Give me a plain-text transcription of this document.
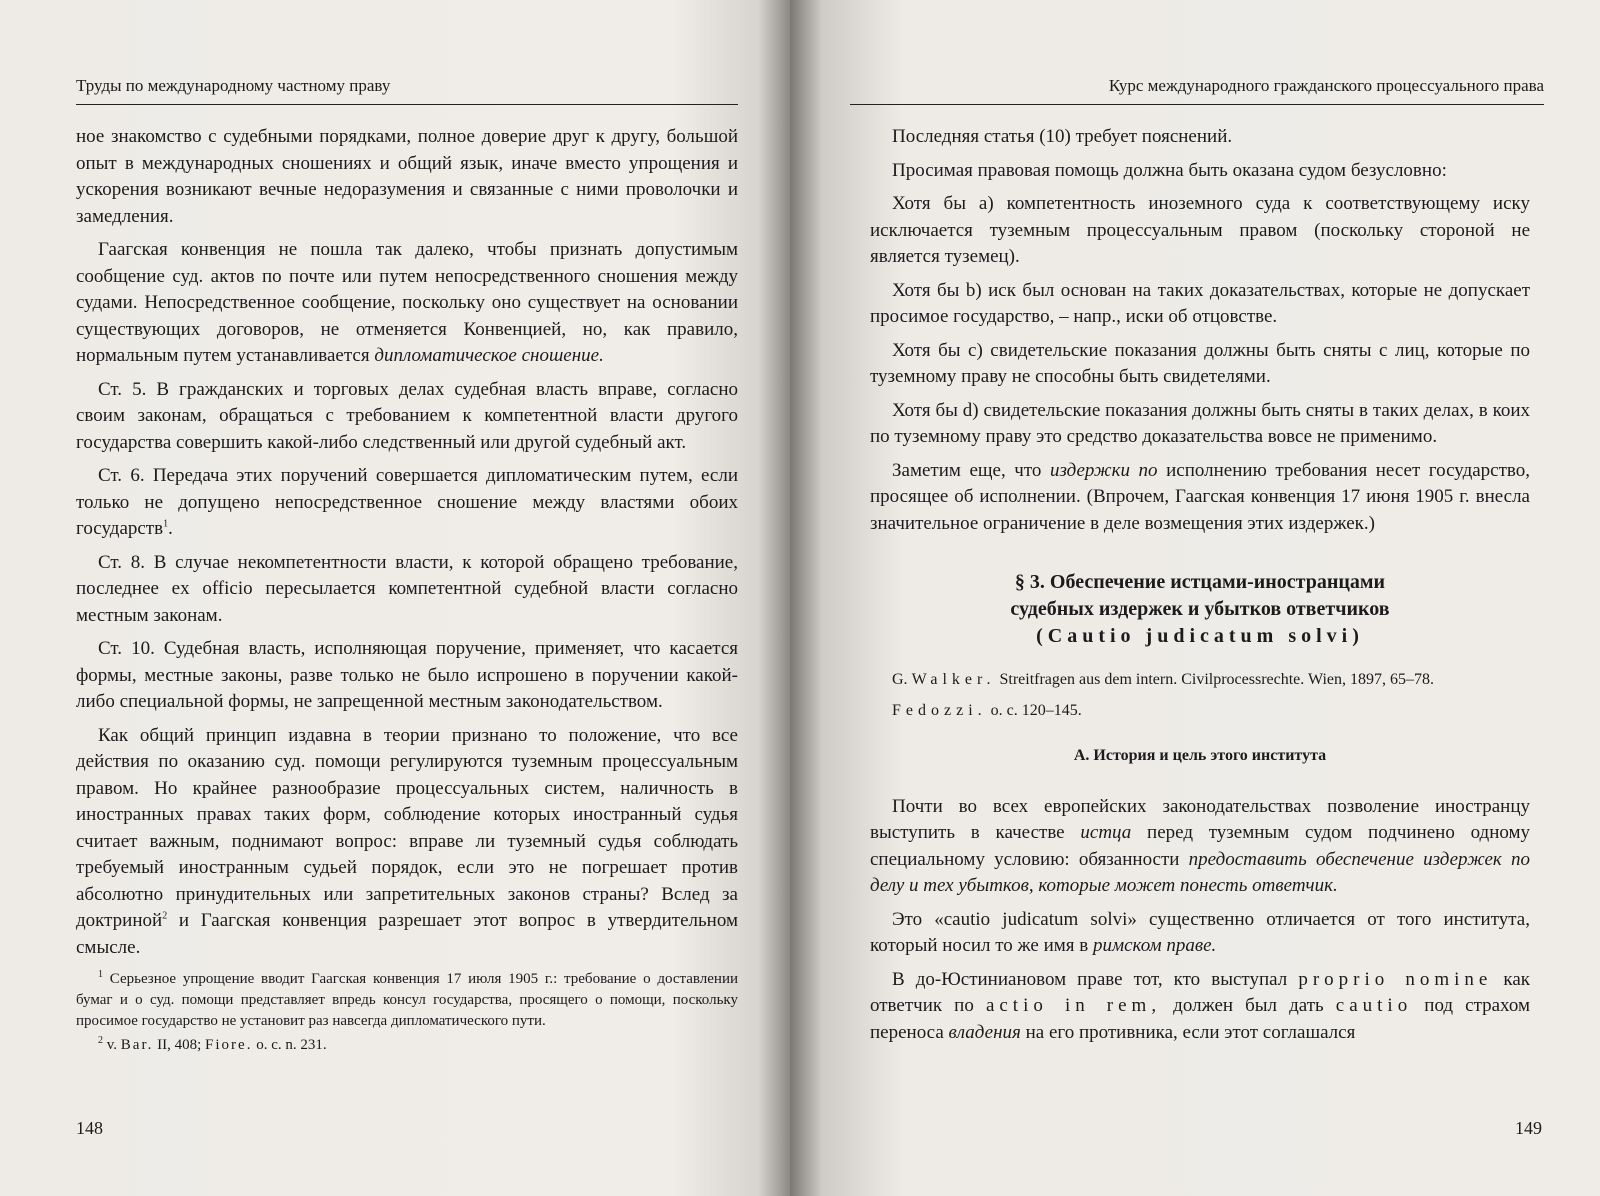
Труды по международному частному праву

ное знакомство с судебными порядками, полное доверие друг к другу, большой опыт в международных сношениях и общий язык, иначе вместо упрощения и ускорения возникают вечные недоразумения и связанные с ними проволочки и замедления.

Гаагская конвенция не пошла так далеко, чтобы признать допустимым сообщение суд. актов по почте или путем непосредственного сношения между судами. Непосредственное сообщение, поскольку оно существует на основании существующих договоров, не отменяется Конвенцией, но, как правило, нормальным путем устанавливается дипломатическое сношение.

Ст. 5. В гражданских и торговых делах судебная власть вправе, согласно своим законам, обращаться с требованием к компетентной власти другого государства совершить какой-либо следственный или другой судебный акт.

Ст. 6. Передача этих поручений совершается дипломатическим путем, если только не допущено непосредственное сношение между властями обоих государств$^1$.

Ст. 8. В случае некомпетентности власти, к которой обращено требование, последнее ex officio пересылается компетентной судебной власти согласно местным законам.

Ст. 10. Судебная власть, исполняющая поручение, применяет, что касается формы, местные законы, разве только не было испрошено в поручении какой-либо специальной формы, не запрещенной местным законодательством.

Как общий принцип издавна в теории признано то положение, что все действия по оказанию суд. помощи регулируются туземным процессуальным правом. Но крайнее разнообразие процессуальных систем, наличность в иностранных правах таких форм, соблюдение которых иностранный судья считает важным, поднимают вопрос: вправе ли туземный судья соблюдать требуемый иностранным судьей порядок, если это не погрешает против абсолютно принудительных или запретительных законов страны? Вслед за доктриной$^2$ и Гаагская конвенция разрешает этот вопрос в утвердительном смысле.

$^1$ Серьезное упрощение вводит Гаагская конвенция 17 июля 1905 г.: требование о доставлении бумаг и о суд. помощи представляет впредь консул государства, просящего о помощи, поскольку просимое государство не установит раз навсегда дипломатического пути.

$^2$ v. Bar. II, 408; Fiore. o. c. n. 231.

148
Курс международного гражданского процессуального права

Последняя статья (10) требует пояснений.

Просимая правовая помощь должна быть оказана судом безусловно:

Хотя бы а) компетентность иноземного суда к соответствующему иску исключается туземным процессуальным правом (поскольку стороной не является туземец).

Хотя бы b) иск был основан на таких доказательствах, которые не допускает просимое государство, – напр., иски об отцовстве.

Хотя бы с) свидетельские показания должны быть сняты с лиц, которые по туземному праву не способны быть свидетелями.

Хотя бы d) свидетельские показания должны быть сняты в таких делах, в коих по туземному праву это средство доказательства вовсе не применимо.

Заметим еще, что издержки по исполнению требования несет государство, просящее об исполнении. (Впрочем, Гаагская конвенция 17 июня 1905 г. внесла значительное ограничение в деле возмещения этих издержек.)

§ 3. Обеспечение истцами-иностранцами
судебных издержек и убытков ответчиков
(Cautio judicatum solvi)

G. Walker. Streitfragen aus dem intern. Civilprocessrechte. Wien, 1897, 65–78.

Fedozzi. o. c. 120–145.

А. История и цель этого института

Почти во всех европейских законодательствах позволение иностранцу выступить в качестве истца перед туземным судом подчинено одному специальному условию: обязанности предоставить обеспечение издержек по делу и тех убытков, которые может понесть ответчик.

Это «cautio judicatum solvi» существенно отличается от того института, который носил то же имя в римском праве.

В до-Юстиниановом праве тот, кто выступал proprio nomine как ответчик по actio in rem, должен был дать cautio под страхом переноса владения на его противника, если этот соглашался

149
